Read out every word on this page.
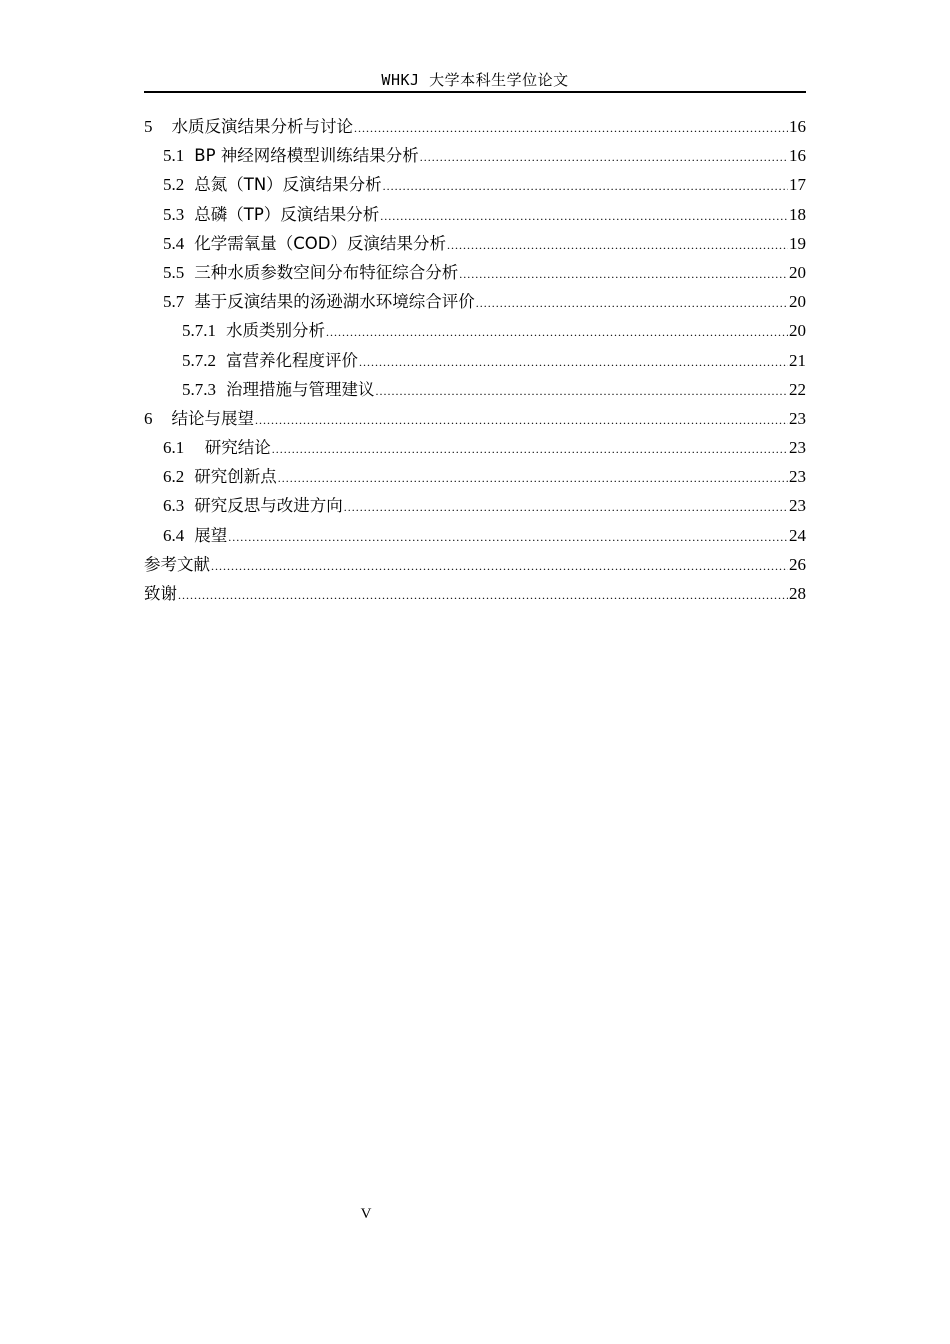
WHKJ 大学本科生学位论文
5 水质反演结果分析与讨论 .....	16
5.1 BP 神经网络模型训练结果分析 .....	16
5.2 总氮（TN）反演结果分析 .....	17
5.3 总磷（TP）反演结果分析 .....	18
5.4 化学需氧量（COD）反演结果分析 .....	19
5.5 三种水质参数空间分布特征综合分析 .....	20
5.7 基于反演结果的汤逊湖水环境综合评价 .....	20
5.7.1 水质类别分析 .....	20
5.7.2 富营养化程度评价 .....	21
5.7.3 治理措施与管理建议 .....	22
6 结论与展望 .....	23
6.1 研究结论 .....	23
6.2 研究创新点 .....	23
6.3 研究反思与改进方向 .....	23
6.4 展望 .....	24
参考文献 .....	26
致谢 .....	28
V
